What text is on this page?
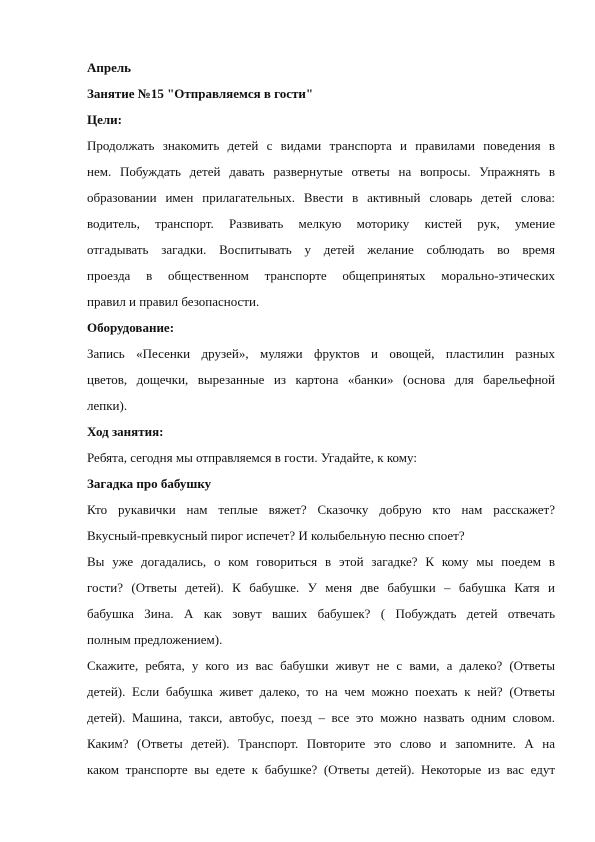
Апрель
Занятие №15 "Отправляемся в гости"
Цели:
Продолжать знакомить детей с видами транспорта и правилами поведения в
нем. Побуждать детей давать развернутые ответы на вопросы. Упражнять в
образовании имен прилагательных. Ввести в активный словарь детей слова:
водитель, транспорт. Развивать мелкую моторику кистей рук, умение
отгадывать загадки. Воспитывать у детей желание соблюдать во время
проезда в общественном транспорте общепринятых морально-этических
правил и правил безопасности.
Оборудование:
Запись «Песенки друзей», муляжи фруктов и овощей, пластилин разных
цветов, дощечки, вырезанные из картона «банки» (основа для барельефной
лепки).
Ход занятия:
Ребята, сегодня мы отправляемся в гости. Угадайте, к кому:
Загадка про бабушку
Кто рукавички нам теплые вяжет? Сказочку добрую кто нам расскажет?
Вкусный-превкусный пирог испечет? И колыбельную песню споет?
Вы уже догадались, о ком говориться в этой загадке? К кому мы поедем в
гости? (Ответы детей). К бабушке. У меня две бабушки – бабушка Катя и
бабушка Зина. А как зовут ваших бабушек? ( Побуждать детей отвечать
полным предложением).
Скажите, ребята, у кого из вас бабушки живут не с вами, а далеко? (Ответы
детей). Если бабушка живет далеко, то на чем можно поехать к ней? (Ответы
детей). Машина, такси, автобус, поезд – все это можно назвать одним словом.
Каким? (Ответы детей). Транспорт. Повторите это слово и запомните. А на
каком транспорте вы едете к бабушке? (Ответы детей). Некоторые из вас едут
